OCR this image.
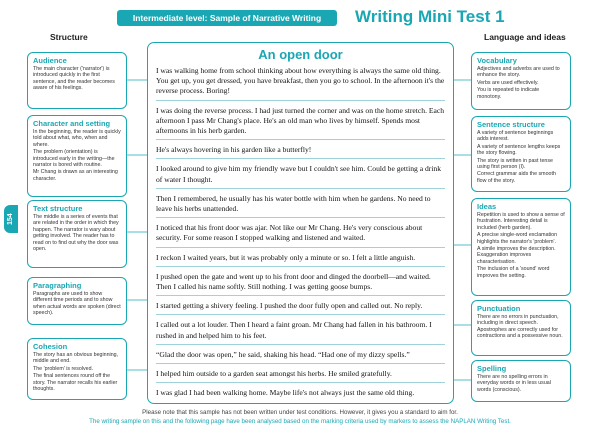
Intermediate level: Sample of Narrative Writing	Writing Mini Test 1
Structure	Language and ideas
154
Audience

The main character ('narrator') is introduced quickly in the first sentence, and the reader becomes aware of his feelings.

Character and setting

In the beginning, the reader is quickly told about what, who, when and where.

The problem (orientation) is introduced early in the writing—the narrator is bored with routine.

Mr Chang is drawn as an interesting character.

Text structure

The middle is a series of events that are related in the order in which they happen. The narrator is wary about getting involved. The reader has to read on to find out why the door was open.

Paragraphing

Paragraphs are used to show different time periods and to show when actual words are spoken (direct speech).

Cohesion

The story has an obvious beginning, middle and end.

The 'problem' is resolved.

The final sentences round off the story. The narrator recalls his earlier thoughts.

Vocabulary

Adjectives and adverbs are used to enhance the story.

Verbs are used effectively.

You is repeated to indicate monotony.

Sentence structure

A variety of sentence beginnings adds interest.

A variety of sentence lengths keeps the story flowing.

The story is written in past tense using first person (I).

Correct grammar aids the smooth flow of the story.

Ideas

Repetition is used to show a sense of frustration. Interesting detail is included (herb garden).

A precise single-word exclamation highlights the narrator's 'problem'.

A simile improves the description. Exaggeration improves characterisation.

The inclusion of a 'sound' word improves the setting.

Punctuation

There are no errors in punctuation, including in direct speech. Apostrophes are correctly used for contractions and a possessive noun.

Spelling

There are no spelling errors in everyday words or in less usual words (conscious).

An open door

I was walking home from school thinking about how everything is always the same old thing. You get up, you get dressed, you have breakfast, then you go to school. In the afternoon it's the reverse process. Boring!

I was doing the reverse process. I had just turned the corner and was on the home stretch. Each afternoon I pass Mr Chang's place. He's an old man who lives by himself. Spends most afternoons in his herb garden.

He's always hovering in his garden like a butterfly!

I looked around to give him my friendly wave but I couldn't see him. Could be getting a drink of water I thought.

Then I remembered, he usually has his water bottle with him when he gardens. No need to leave his herbs unattended.

I noticed that his front door was ajar. Not like our Mr Chang. He's very conscious about security. For some reason I stopped walking and listened and waited.

I reckon I waited years, but it was probably only a minute or so. I felt a little anguish.

I pushed open the gate and went up to his front door and dinged the doorbell—and waited. Then I called his name softly. Still nothing. I was getting goose bumps.

I started getting a shivery feeling. I pushed the door fully open and called out. No reply.

I called out a lot louder. Then I heard a faint groan. Mr Chang had fallen in his bathroom. I rushed in and helped him to his feet.

“Glad the door was open,” he said, shaking his head. “Had one of my dizzy spells.”

I helped him outside to a garden seat amongst his herbs. He smiled gratefully.

I was glad I had been walking home. Maybe life's not always just the same old thing.

Please note that this sample has not been written under test conditions. However, it gives you a standard to aim for.
The writing sample on this and the following page have been analysed based on the marking criteria used by markers to assess the NAPLAN Writing Test.
